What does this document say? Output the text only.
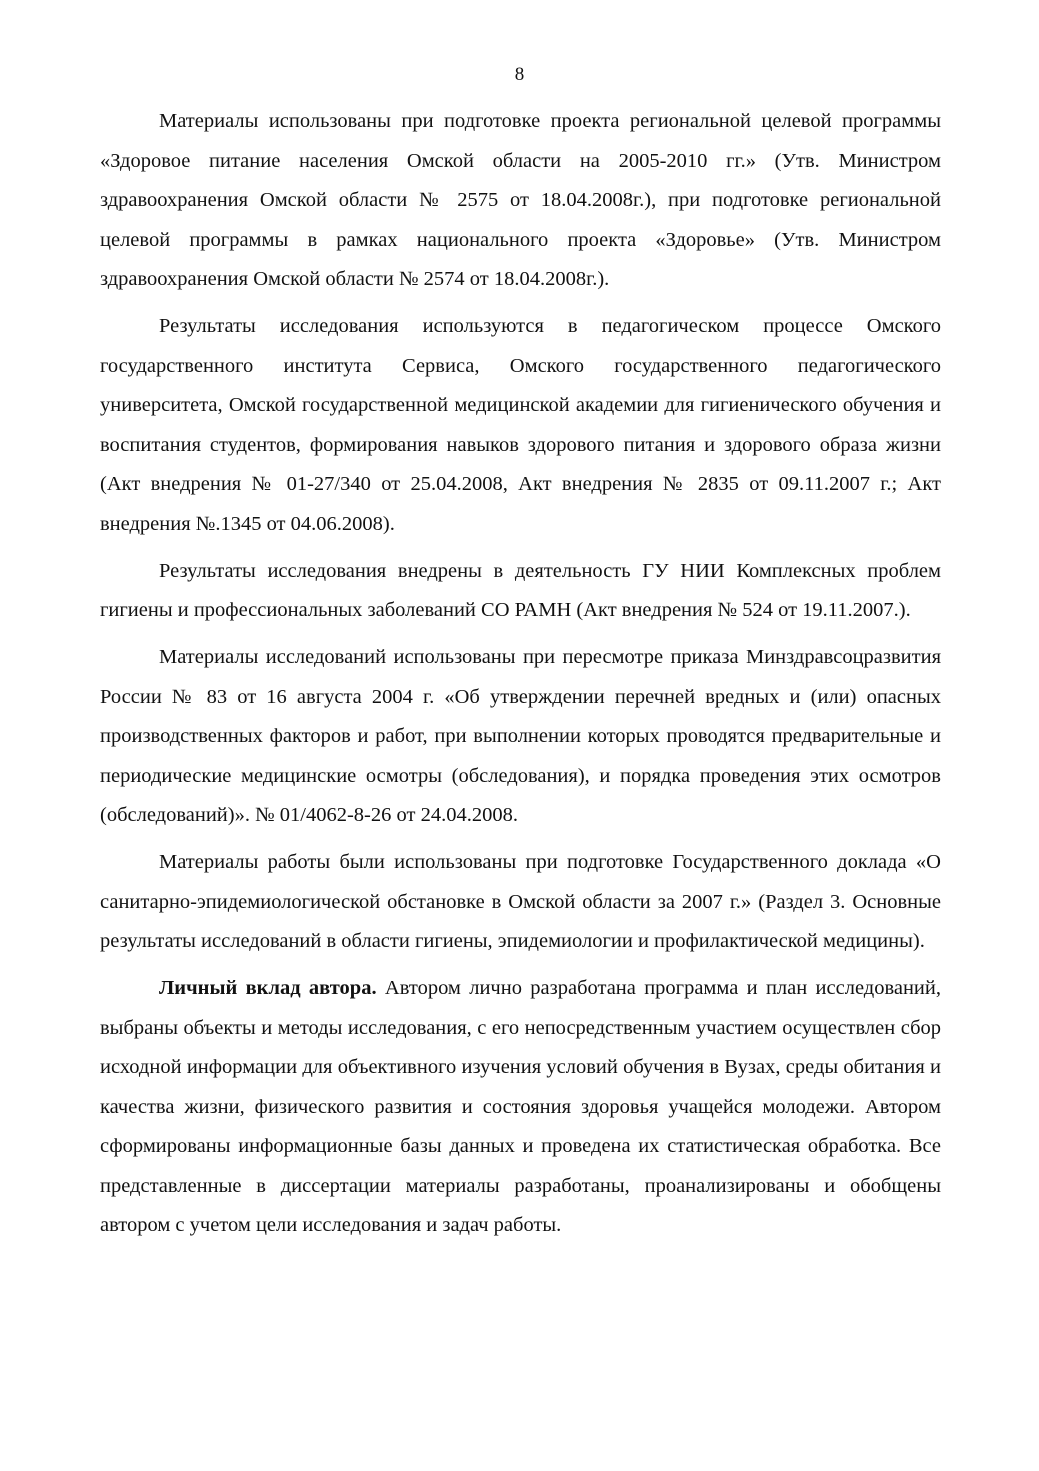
8

Материалы использованы при подготовке проекта региональной целевой программы «Здоровое питание населения Омской области на 2005-2010 гг.» (Утв. Министром здравоохранения Омской области № 2575 от 18.04.2008г.), при подготовке региональной целевой программы в рамках национального проекта «Здоровье» (Утв. Министром здравоохранения Омской области № 2574 от 18.04.2008г.).

Результаты исследования используются в педагогическом процессе Омского государственного института Сервиса, Омского государственного педагогического университета, Омской государственной медицинской академии для гигиенического обучения и воспитания студентов, формирования навыков здорового питания и здорового образа жизни (Акт внедрения № 01-27/340 от 25.04.2008, Акт внедрения № 2835 от 09.11.2007 г.; Акт внедрения №.1345 от 04.06.2008).

Результаты исследования внедрены в деятельность ГУ НИИ Комплексных проблем гигиены и профессиональных заболеваний СО РАМН (Акт внедрения № 524 от 19.11.2007.).

Материалы исследований использованы при пересмотре приказа Минздравсоцразвития России № 83 от 16 августа 2004 г. «Об утверждении перечней вредных и (или) опасных производственных факторов и работ, при выполнении которых проводятся предварительные и периодические медицинские осмотры (обследования), и порядка проведения этих осмотров (обследований)». № 01/4062-8-26 от 24.04.2008.

Материалы работы были использованы при подготовке Государственного доклада «О санитарно-эпидемиологической обстановке в Омской области за 2007 г.» (Раздел 3. Основные результаты исследований в области гигиены, эпидемиологии и профилактической медицины).

Личный вклад автора. Автором лично разработана программа и план исследований, выбраны объекты и методы исследования, с его непосредственным участием осуществлен сбор исходной информации для объективного изучения условий обучения в Вузах, среды обитания и качества жизни, физического развития и состояния здоровья учащейся молодежи. Автором сформированы информационные базы данных и проведена их статистическая обработка. Все представленные в диссертации материалы разработаны, проанализированы и обобщены автором с учетом цели исследования и задач работы.
